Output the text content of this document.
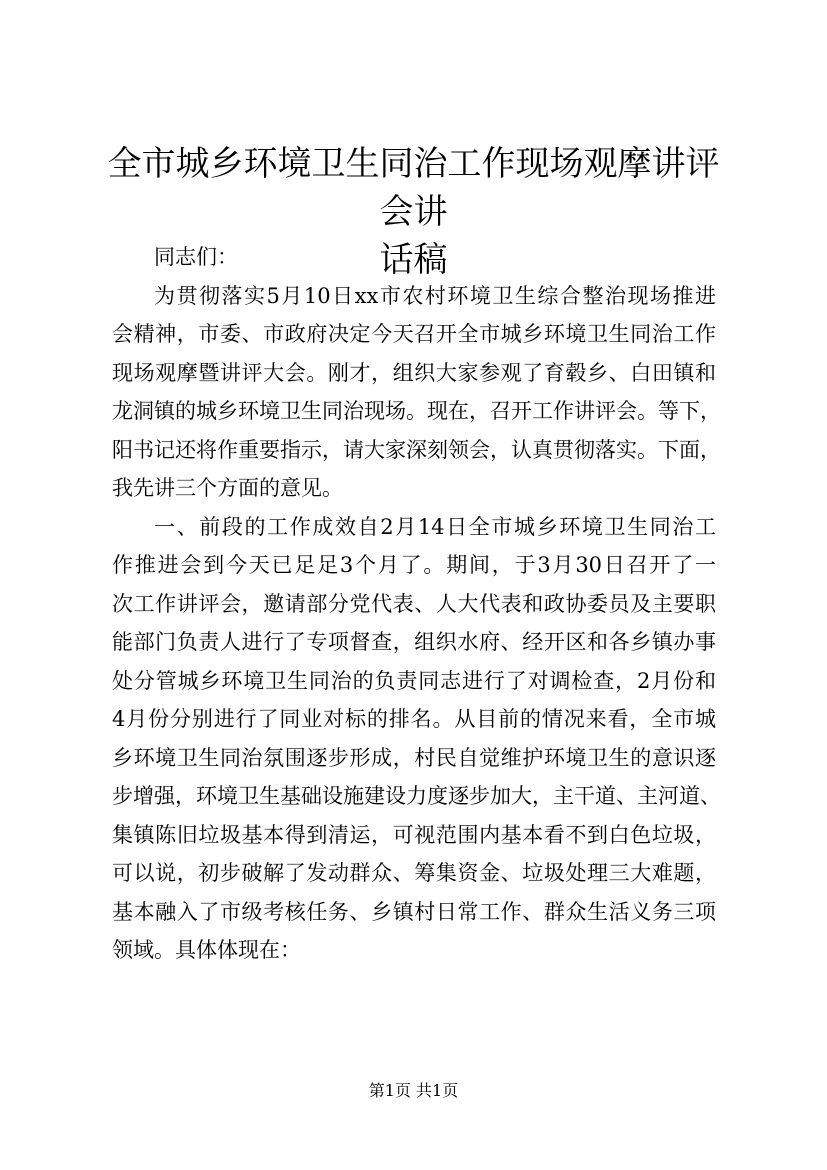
全市城乡环境卫生同治工作现场观摩讲评会讲
话稿
同志们：
为贯彻落实5月10日xx市农村环境卫生综合整治现场推进
会精神，市委、市政府决定今天召开全市城乡环境卫生同治工作
现场观摩暨讲评大会。刚才，组织大家参观了育毂乡、白田镇和
龙洞镇的城乡环境卫生同治现场。现在，召开工作讲评会。等下，
阳书记还将作重要指示，请大家深刻领会，认真贯彻落实。下面，
我先讲三个方面的意见。
一、前段的工作成效自2月14日全市城乡环境卫生同治工
作推进会到今天已足足3个月了。期间，于3月30日召开了一
次工作讲评会，邀请部分党代表、人大代表和政协委员及主要职
能部门负责人进行了专项督查，组织水府、经开区和各乡镇办事
处分管城乡环境卫生同治的负责同志进行了对调检查，2月份和
4月份分别进行了同业对标的排名。从目前的情况来看，全市城
乡环境卫生同治氛围逐步形成，村民自觉维护环境卫生的意识逐
步增强，环境卫生基础设施建设力度逐步加大，主干道、主河道、
集镇陈旧垃圾基本得到清运，可视范围内基本看不到白色垃圾，
可以说，初步破解了发动群众、筹集资金、垃圾处理三大难题，
基本融入了市级考核任务、乡镇村日常工作、群众生活义务三项
领域。具体体现在：
第1页 共1页
